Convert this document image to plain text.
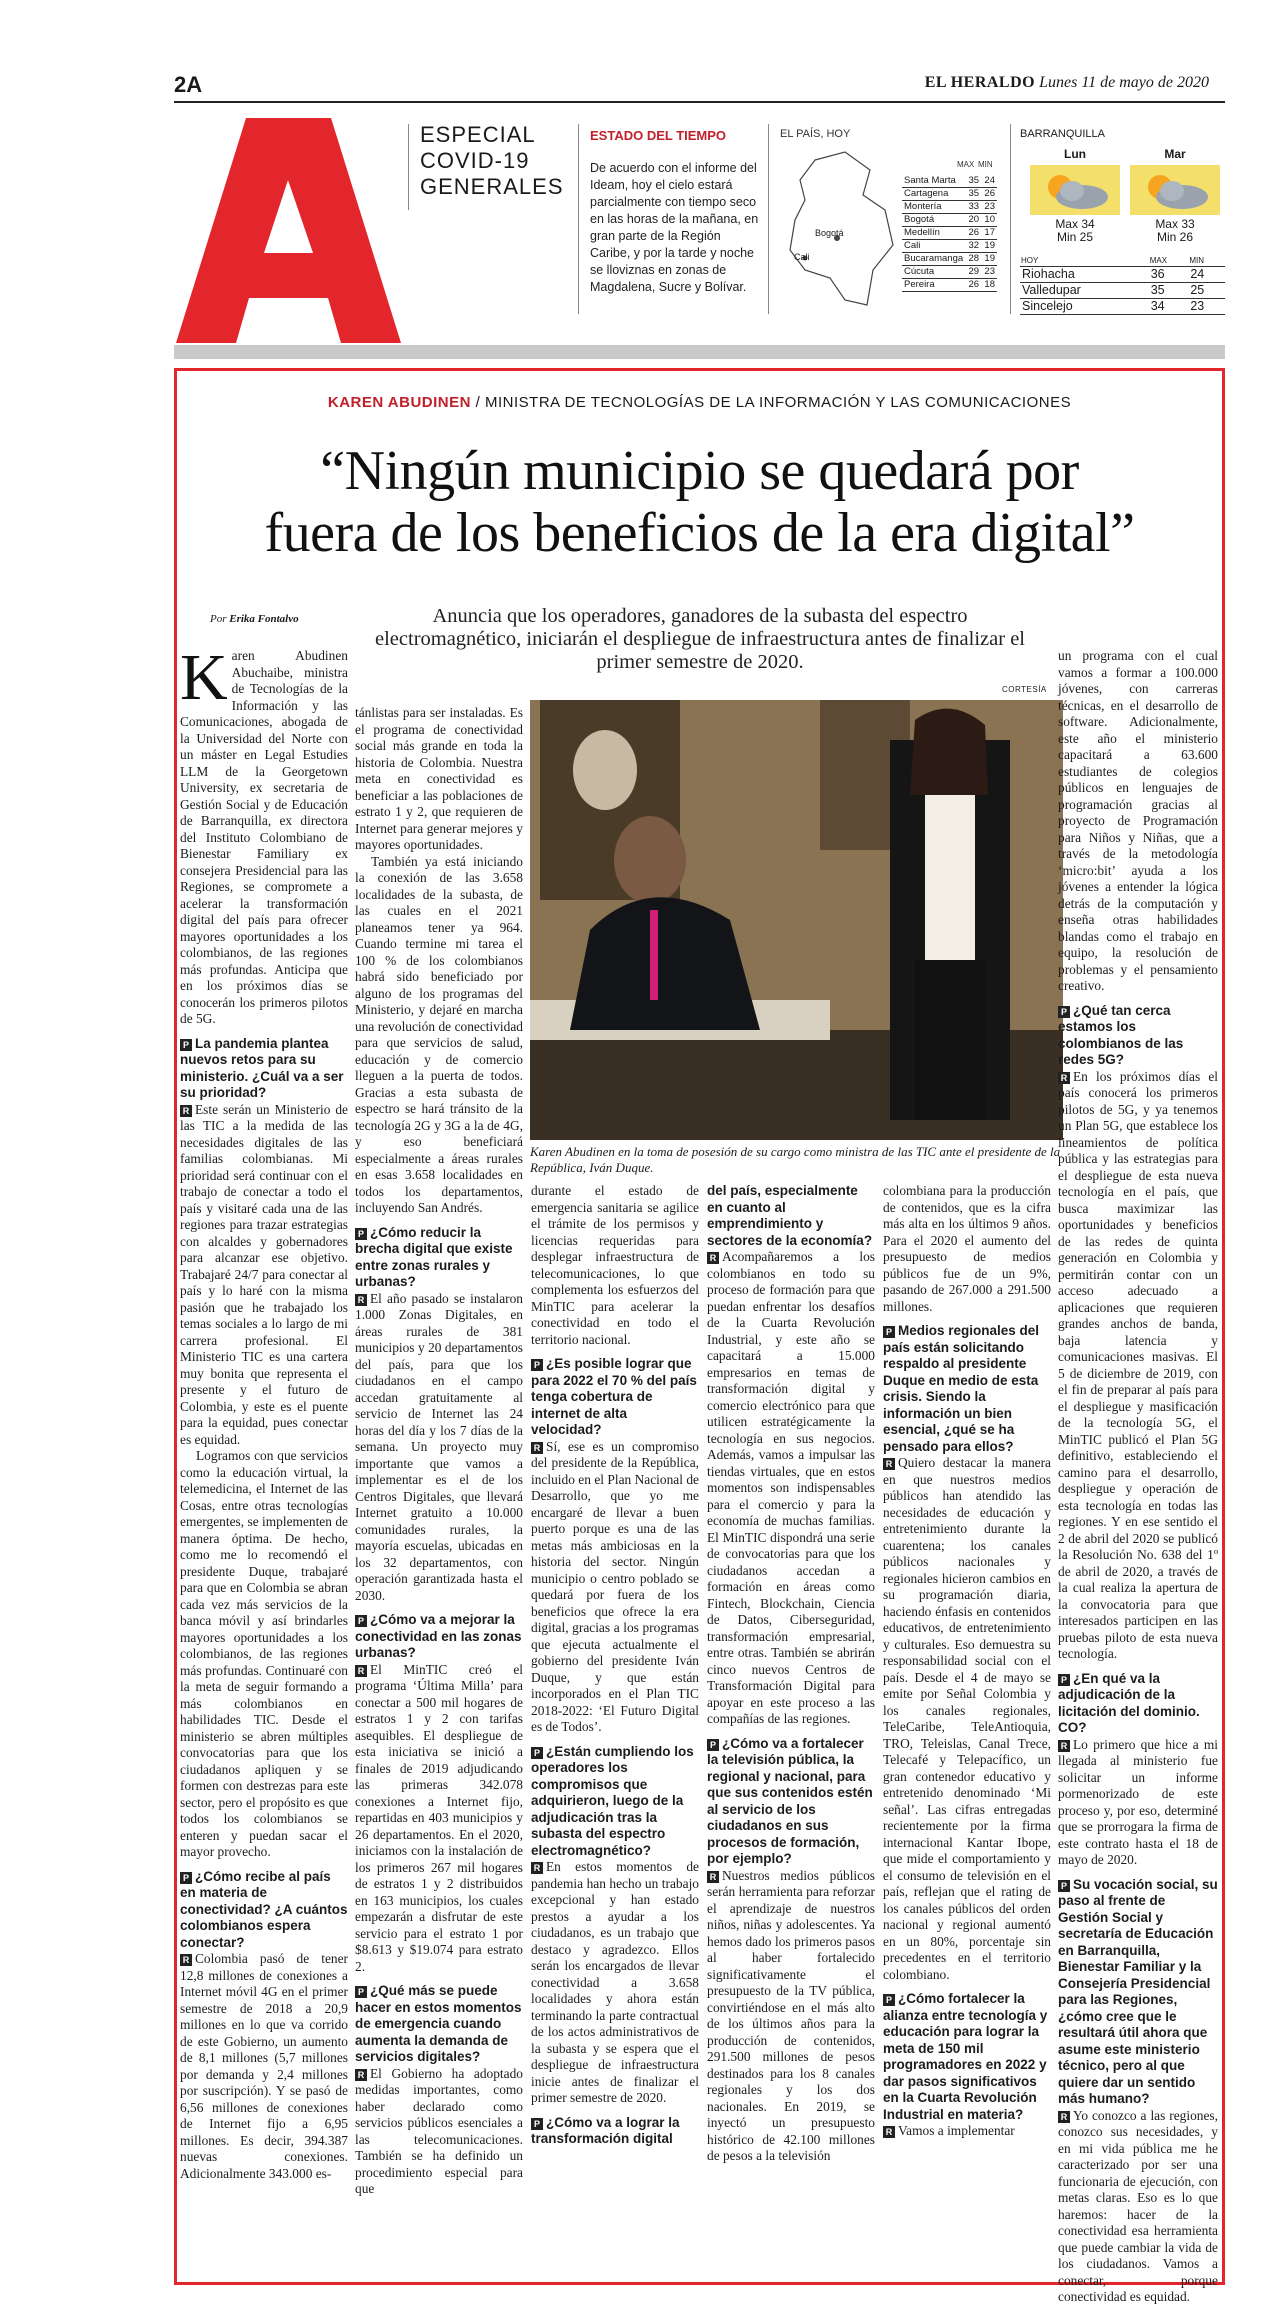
2A	EL HERALDO Lunes 11 de mayo de 2020
ESPECIAL
COVID-19
GENERALES
ESTADO DEL TIEMPO
De acuerdo con el informe del Ideam, hoy el cielo estará parcialmente con tiempo seco en las horas de la mañana, en gran parte de la Región Caribe, y por la tarde y noche se lloviznas en zonas de Magdalena, Sucre y Bolívar.
EL PAÍS, HOY
Bogotá
Cali
MAX MIN
Santa Marta	35	24
Cartagena	35	26
Montería	33	23
Bogotá	20	10
Medellín	26	17
Cali	32	19
Bucaramanga	28	19
Cúcuta	29	23
Pereira	26	18
BARRANQUILLA
Lun	Mar
Max 34
Min 25
Max 33
Min 26
HOY	MAX	MIN
Riohacha	36	24
Valledupar	35	25
Sincelejo	34	23
KAREN ABUDINEN / MINISTRA DE TECNOLOGÍAS DE LA INFORMACIÓN Y LAS COMUNICACIONES
“Ningún municipio se quedará por
fuera de los beneficios de la era digital”
Por Erika Fontalvo	Anuncia que los operadores, ganadores de la subasta del espectro electromagnético, iniciarán el despliegue de infraestructura antes de finalizar el primer semestre de 2020.
CORTESÍA
Karen Abudinen en la toma de posesión de su cargo como ministra de las TIC ante el presidente de la República, Iván Duque.
K aren Abudinen Abuchaibe, ministra de Tecnologías de la Información y las Comunicaciones, abogada de la Universidad del Norte con un máster en Legal Estudies LLM de la Georgetown University, ex secretaria de Gestión Social y de Educación de Barranquilla, ex directora del Instituto Colombiano de Bienestar Familiary ex consejera Presidencial para las Regiones, se compromete a acelerar la transformación digital del país para ofrecer mayores oportunidades a los colombianos, de las regiones más profundas. Anticipa que en los próximos días se conocerán los primeros pilotos de 5G.

P La pandemia plantea nuevos retos para su ministerio. ¿Cuál va a ser su prioridad?

R Este serán un Ministerio de las TIC a la medida de las necesidades digitales de las familias colombianas. Mi prioridad será continuar con el trabajo de conectar a todo el país y visitaré cada una de las regiones para trazar estrategias con alcaldes y gobernadores para alcanzar ese objetivo. Trabajaré 24/7 para conectar al país y lo haré con la misma pasión que he trabajado los temas sociales a lo largo de mi carrera profesional. El Ministerio TIC es una cartera muy bonita que representa el presente y el futuro de Colombia, y este es el puente para la equidad, pues conectar es equidad.

Logramos con que servicios como la educación virtual, la telemedicina, el Internet de las Cosas, entre otras tecnologías emergentes, se implementen de manera óptima. De hecho, como me lo recomendó el presidente Duque, trabajaré para que en Colombia se abran cada vez más servicios de la banca móvil y así brindarles mayores oportunidades a los colombianos, de las regiones más profundas. Continuaré con la meta de seguir formando a más colombianos en habilidades TIC. Desde el ministerio se abren múltiples convocatorias para que los ciudadanos apliquen y se formen con destrezas para este sector, pero el propósito es que todos los colombianos se enteren y puedan sacar el mayor provecho.

P ¿Cómo recibe al país en materia de conectividad? ¿A cuántos colombianos espera conectar?

R Colombia pasó de tener 12,8 millones de conexiones a Internet móvil 4G en el primer semestre de 2018 a 20,9 millones en lo que va corrido de este Gobierno, un aumento de 8,1 millones (5,7 millones por demanda y 2,4 millones por suscripción). Y se pasó de 6,56 millones de conexiones de Internet fijo a 6,95 millones. Es decir, 394.387 nuevas conexiones. Adicionalmente 343.000 es-

tánlistas para ser instaladas. Es el programa de conectividad social más grande en toda la historia de Colombia. Nuestra meta en conectividad es beneficiar a las poblaciones de estrato 1 y 2, que requieren de Internet para generar mejores y mayores oportunidades.

También ya está iniciando la conexión de las 3.658 localidades de la subasta, de las cuales en el 2021 planeamos tener ya 964. Cuando termine mi tarea el 100 % de los colombianos habrá sido beneficiado por alguno de los programas del Ministerio, y dejaré en marcha una revolución de conectividad para que servicios de salud, educación y de comercio lleguen a la puerta de todos. Gracias a esta subasta de espectro se hará tránsito de la tecnología 2G y 3G a la de 4G, y eso beneficiará especialmente a áreas rurales en esas 3.658 localidades en todos los departamentos, incluyendo San Andrés.

P ¿Cómo reducir la brecha digital que existe entre zonas rurales y urbanas?

R El año pasado se instalaron 1.000 Zonas Digitales, en áreas rurales de 381 municipios y 20 departamentos del país, para que los ciudadanos en el campo accedan gratuitamente al servicio de Internet las 24 horas del día y los 7 días de la semana. Un proyecto muy importante que vamos a implementar es el de los Centros Digitales, que llevará Internet gratuito a 10.000 comunidades rurales, la mayoría escuelas, ubicadas en los 32 departamentos, con operación garantizada hasta el 2030.

P ¿Cómo va a mejorar la conectividad en las zonas urbanas?

R El MinTIC creó el programa ‘Última Milla’ para conectar a 500 mil hogares de estratos 1 y 2 con tarifas asequibles. El despliegue de esta iniciativa se inició a finales de 2019 adjudicando las primeras 342.078 conexiones a Internet fijo, repartidas en 403 municipios y 26 departamentos. En el 2020, iniciamos con la instalación de los primeros 267 mil hogares de estratos 1 y 2 distribuidos en 163 municipios, los cuales empezarán a disfrutar de este servicio para el estrato 1 por $8.613 y $19.074 para estrato 2.

P ¿Qué más se puede hacer en estos momentos de emergencia cuando aumenta la demanda de servicios digitales?

R El Gobierno ha adoptado medidas importantes, como haber declarado como servicios públicos esenciales a las telecomunicaciones. También se ha definido un procedimiento especial para que

durante el estado de emergencia sanitaria se agilice el trámite de los permisos y licencias requeridas para desplegar infraestructura de telecomunicaciones, lo que complementa los esfuerzos del MinTIC para acelerar la conectividad en todo el territorio nacional.

P ¿Es posible lograr que para 2022 el 70 % del país tenga cobertura de internet de alta velocidad?

R Sí, ese es un compromiso del presidente de la República, incluido en el Plan Nacional de Desarrollo, que yo me encargaré de llevar a buen puerto porque es una de las metas más ambiciosas en la historia del sector. Ningún municipio o centro poblado se quedará por fuera de los beneficios que ofrece la era digital, gracias a los programas que ejecuta actualmente el gobierno del presidente Iván Duque, y que están incorporados en el Plan TIC 2018-2022: ‘El Futuro Digital es de Todos’.

P ¿Están cumpliendo los operadores los compromisos que adquirieron, luego de la adjudicación tras la subasta del espectro electromagnético?

R En estos momentos de pandemia han hecho un trabajo excepcional y han estado prestos a ayudar a los ciudadanos, es un trabajo que destaco y agradezco. Ellos serán los encargados de llevar conectividad a 3.658 localidades y ahora están terminando la parte contractual de los actos administrativos de la subasta y se espera que el despliegue de infraestructura inicie antes de finalizar el primer semestre de 2020.

P ¿Cómo va a lograr la transformación digital

del país, especialmente en cuanto al emprendimiento y sectores de la economía?

R Acompañaremos a los colombianos en todo su proceso de formación para que puedan enfrentar los desafíos de la Cuarta Revolución Industrial, y este año se capacitará a 15.000 empresarios en temas de transformación digital y comercio electrónico para que utilicen estratégicamente la tecnología en sus negocios. Además, vamos a impulsar las tiendas virtuales, que en estos momentos son indispensables para el comercio y para la economía de muchas familias. El MinTIC dispondrá una serie de convocatorias para que los ciudadanos accedan a formación en áreas como Fintech, Blockchain, Ciencia de Datos, Ciberseguridad, transformación empresarial, entre otras. También se abrirán cinco nuevos Centros de Transformación Digital para apoyar en este proceso a las compañías de las regiones.

P ¿Cómo va a fortalecer la televisión pública, la regional y nacional, para que sus contenidos estén al servicio de los ciudadanos en sus procesos de formación, por ejemplo?

R Nuestros medios públicos serán herramienta para reforzar el aprendizaje de nuestros niños, niñas y adolescentes. Ya hemos dado los primeros pasos al haber fortalecido significativamente el presupuesto de la TV pública, convirtiéndose en el más alto de los últimos años para la producción de contenidos, 291.500 millones de pesos destinados para los 8 canales regionales y los dos nacionales. En 2019, se inyectó un presupuesto histórico de 42.100 millones de pesos a la televisión

colombiana para la producción de contenidos, que es la cifra más alta en los últimos 9 años. Para el 2020 el aumento del presupuesto de medios públicos fue de un 9%, pasando de 267.000 a 291.500 millones.

P Medios regionales del país están solicitando respaldo al presidente Duque en medio de esta crisis. Siendo la información un bien esencial, ¿qué se ha pensado para ellos?

R Quiero destacar la manera en que nuestros medios públicos han atendido las necesidades de educación y entretenimiento durante la cuarentena; los canales públicos nacionales y regionales hicieron cambios en su programación diaria, haciendo énfasis en contenidos educativos, de entretenimiento y culturales. Eso demuestra su responsabilidad social con el país. Desde el 4 de mayo se emite por Señal Colombia y los canales regionales, TeleCaribe, TeleAntioquia, TRO, Teleislas, Canal Trece, Telecafé y Telepacífico, un gran contenedor educativo y entretenido denominado ‘Mi señal’. Las cifras entregadas recientemente por la firma internacional Kantar Ibope, que mide el comportamiento y el consumo de televisión en el país, reflejan que el rating de los canales públicos del orden nacional y regional aumentó en un 80%, porcentaje sin precedentes en el territorio colombiano.

P ¿Cómo fortalecer la alianza entre tecnología y educación para lograr la meta de 150 mil programadores en 2022 y dar pasos significativos en la Cuarta Revolución Industrial en materia?

R Vamos a implementar

un programa con el cual vamos a formar a 100.000 jóvenes, con carreras técnicas, en el desarrollo de software. Adicionalmente, este año el ministerio capacitará a 63.600 estudiantes de colegios públicos en lenguajes de programación gracias al proyecto de Programación para Niños y Niñas, que a través de la metodología ‘micro:bit’ ayuda a los jóvenes a entender la lógica detrás de la computación y enseña otras habilidades blandas como el trabajo en equipo, la resolución de problemas y el pensamiento creativo.

P ¿Qué tan cerca estamos los colombianos de las redes 5G?

R En los próximos días el país conocerá los primeros pilotos de 5G, y ya tenemos un Plan 5G, que establece los lineamientos de política pública y las estrategias para el despliegue de esta nueva tecnología en el país, que busca maximizar las oportunidades y beneficios de las redes de quinta generación en Colombia y permitirán contar con un acceso adecuado a aplicaciones que requieren grandes anchos de banda, baja latencia y comunicaciones masivas. El 5 de diciembre de 2019, con el fin de preparar al país para el despliegue y masificación de la tecnología 5G, el MinTIC publicó el Plan 5G definitivo, estableciendo el camino para el desarrollo, despliegue y operación de esta tecnología en todas las regiones. Y en ese sentido el 2 de abril del 2020 se publicó la Resolución No. 638 del 1º de abril de 2020, a través de la cual realiza la apertura de la convocatoria para que interesados participen en las pruebas piloto de esta nueva tecnología.

P ¿En qué va la adjudicación de la licitación del dominio. CO?

R Lo primero que hice a mi llegada al ministerio fue solicitar un informe pormenorizado de este proceso y, por eso, determiné que se prorrogara la firma de este contrato hasta el 18 de mayo de 2020.

P Su vocación social, su paso al frente de Gestión Social y secretaría de Educación en Barranquilla, Bienestar Familiar y la Consejería Presidencial para las Regiones, ¿cómo cree que le resultará útil ahora que asume este ministerio técnico, pero al que quiere dar un sentido más humano?

R Yo conozco a las regiones, conozco sus necesidades, y en mi vida pública me he caracterizado por ser una funcionaria de ejecución, con metas claras. Eso es lo que haremos: hacer de la conectividad esa herramienta que puede cambiar la vida de los ciudadanos. Vamos a conectar, porque conectividad es equidad.
